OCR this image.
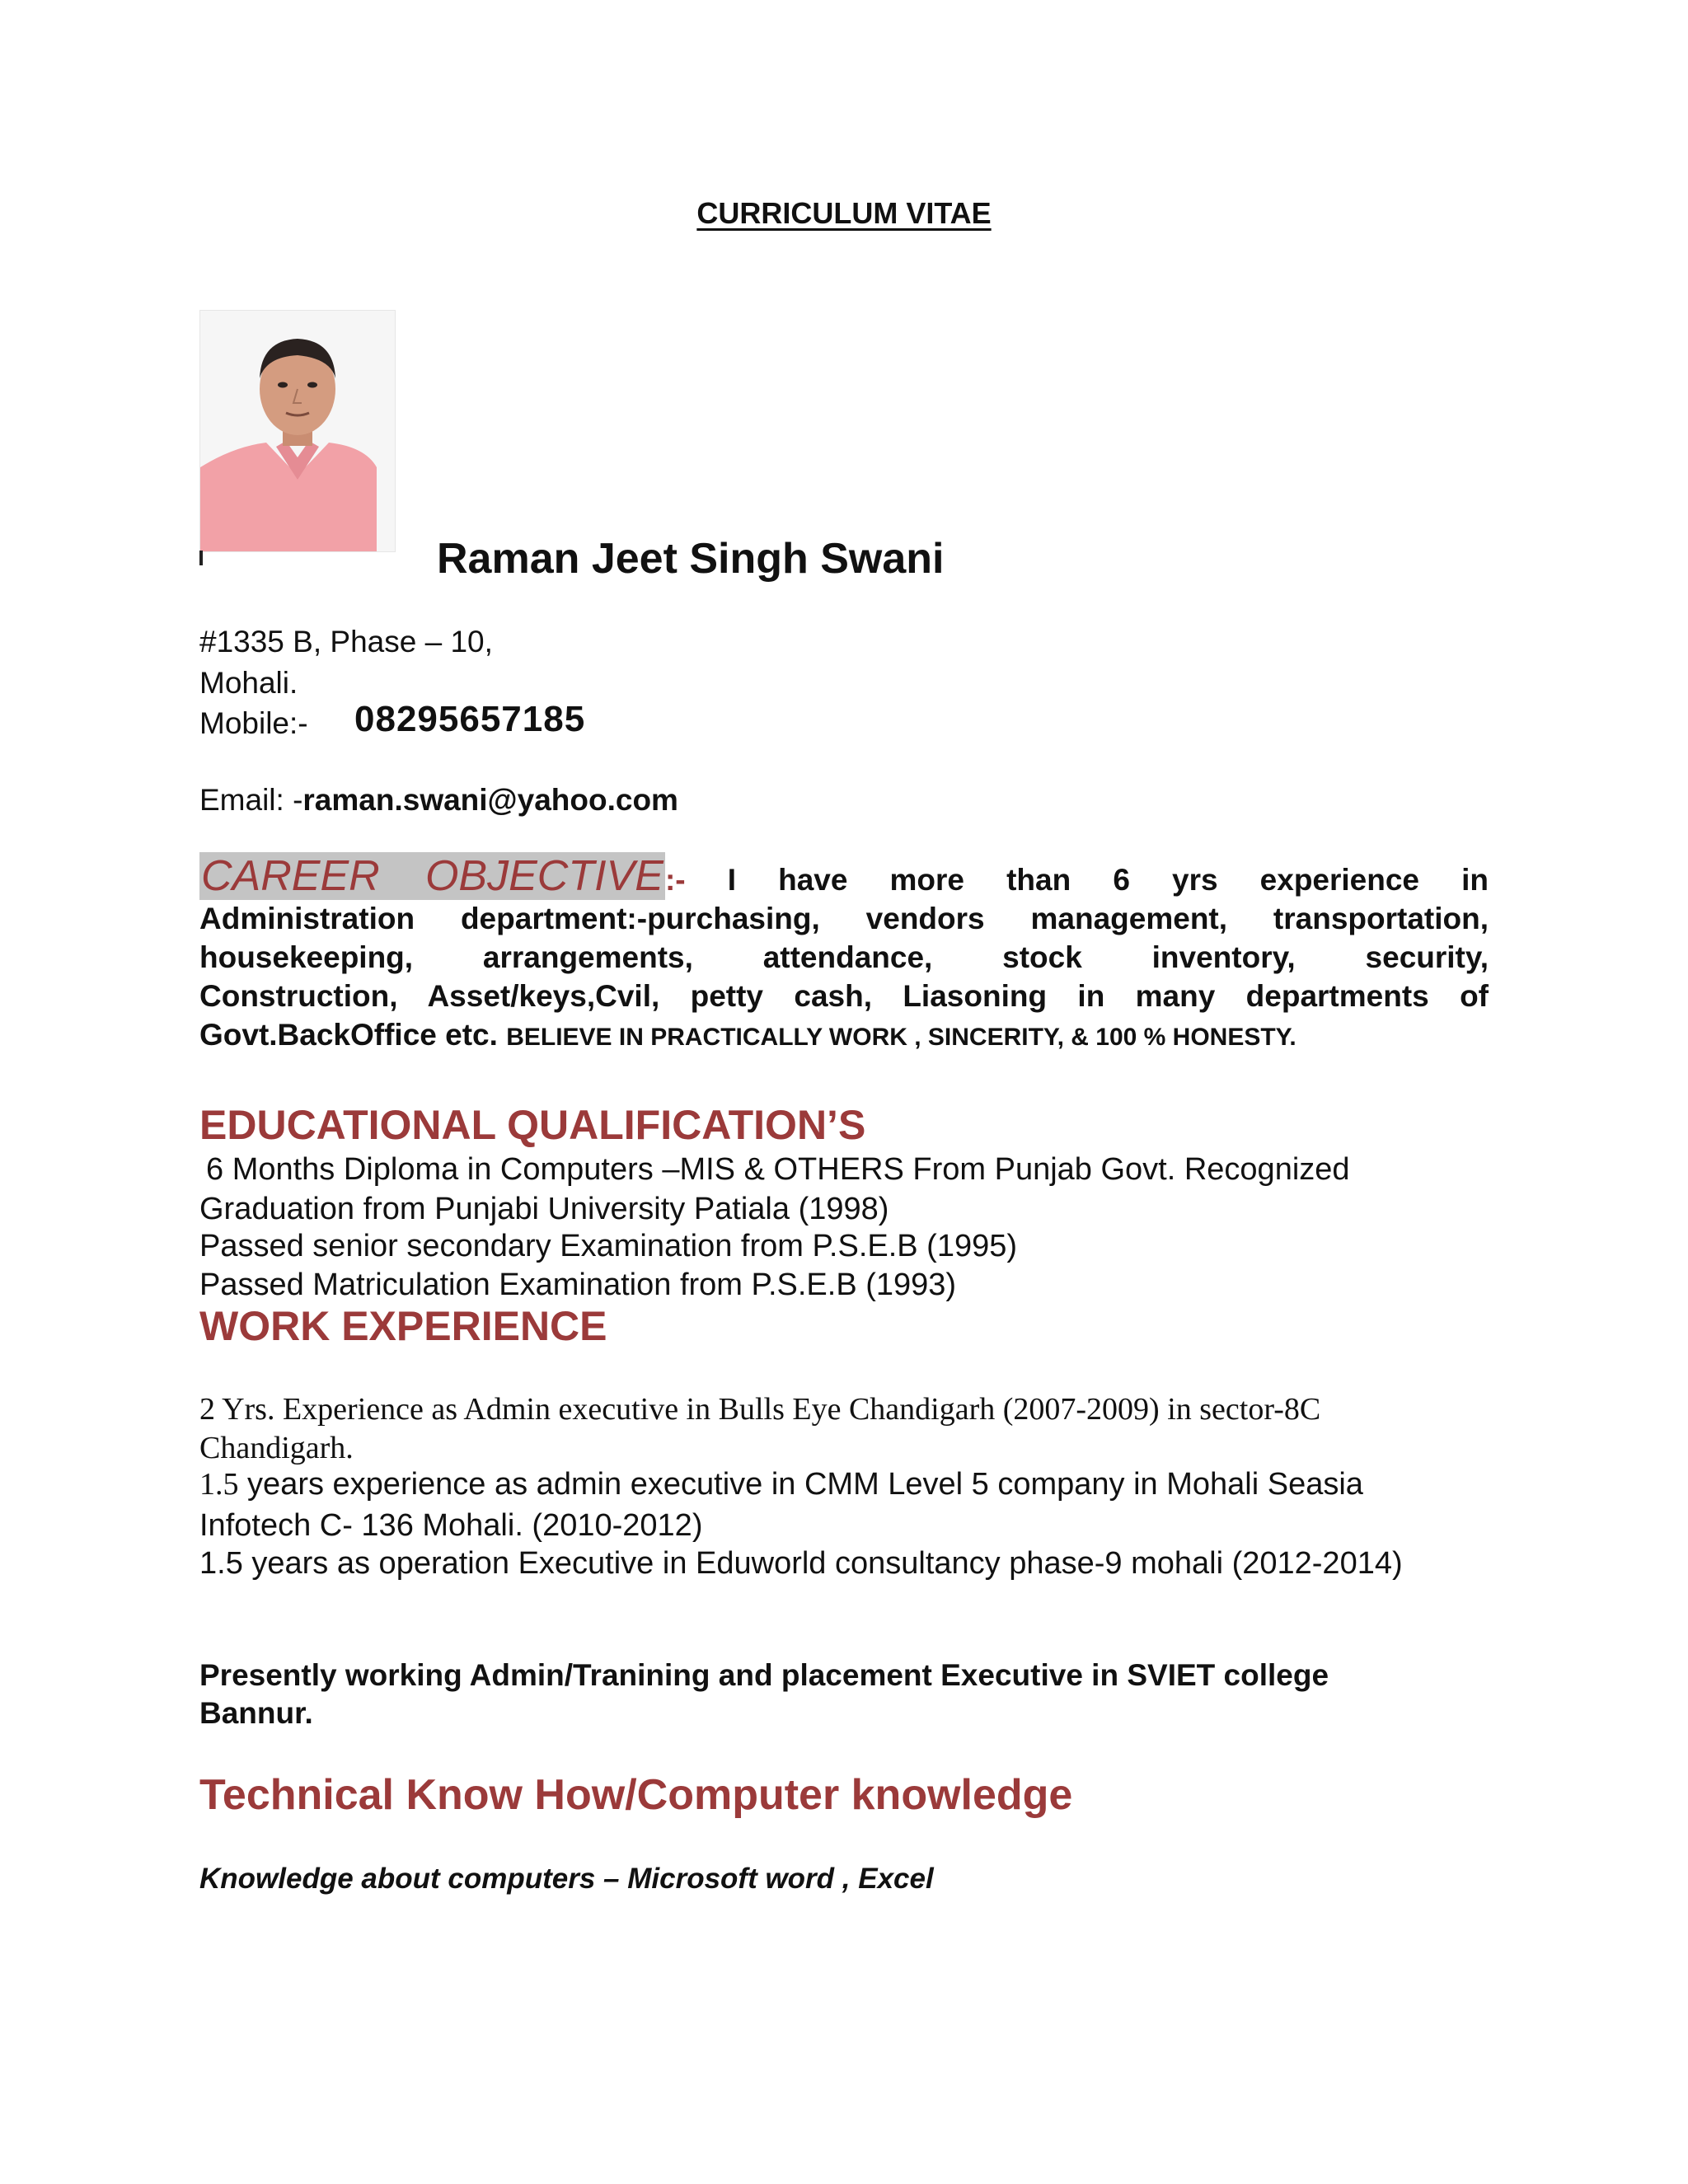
CURRICULUM VITAE
Raman Jeet Singh Swani
#1335 B, Phase – 10,
Mohali.
Mobile:- 08295657185
Email: -raman.swani@yahoo.com
CAREER OBJECTIVE:- I have more than 6 yrs experience in
Administration department:-purchasing, vendors management, transportation,
housekeeping, arrangements, attendance, stock inventory, security,
Construction, Asset/keys,Cvil, petty cash, Liasoning in many departments of
Govt.BackOffice etc. BELIEVE IN PRACTICALLY WORK , SINCERITY, & 100 % HONESTY.
EDUCATIONAL QUALIFICATION’S
6 Months Diploma in Computers –MIS & OTHERS From Punjab Govt. Recognized
Graduation from Punjabi University Patiala (1998)
Passed senior secondary Examination from P.S.E.B (1995)
Passed Matriculation Examination from P.S.E.B (1993)
WORK EXPERIENCE
2 Yrs. Experience as Admin executive in Bulls Eye Chandigarh (2007-2009) in sector-8C
Chandigarh.
1.5 years experience as admin executive in CMM Level 5 company in Mohali Seasia
Infotech C- 136 Mohali. (2010-2012)
1.5 years as operation Executive in Eduworld consultancy phase-9 mohali (2012-2014)
Presently working Admin/Tranining and placement Executive in SVIET college
Bannur.
Technical Know How/Computer knowledge
Knowledge about computers – Microsoft word , Excel
